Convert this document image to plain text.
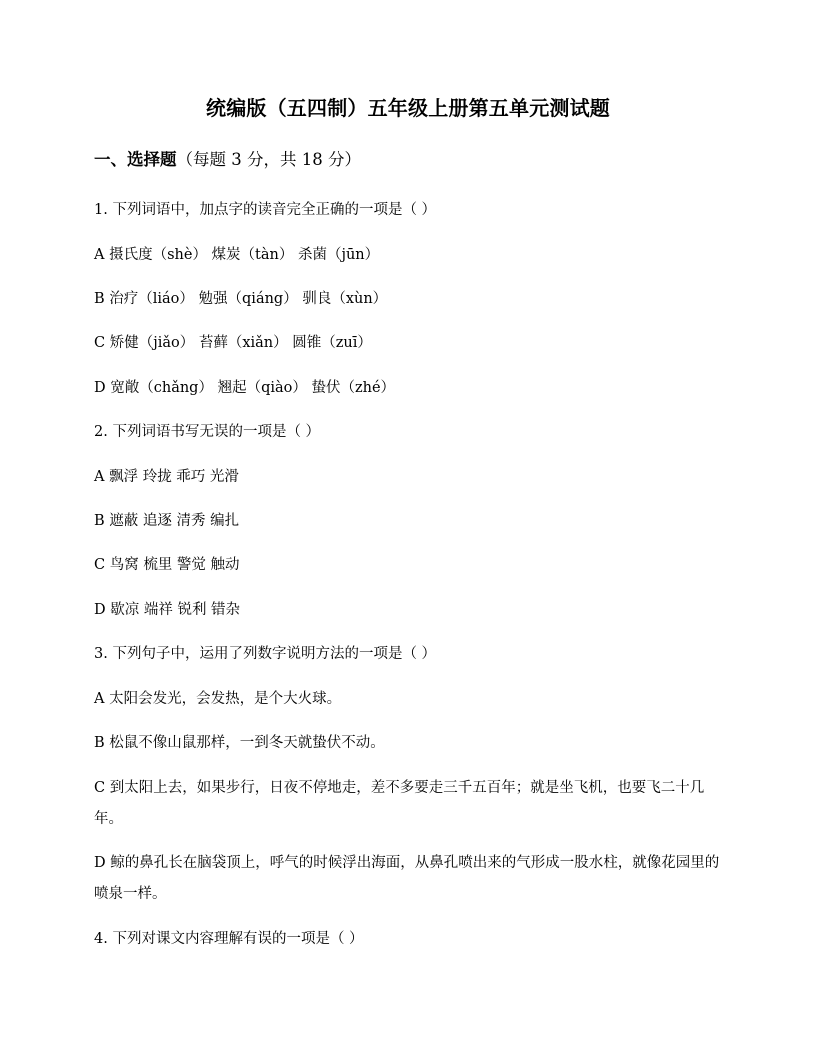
统编版（五四制）五年级上册第五单元测试题
一、选择题（每题 3 分，共 18 分）
1. 下列词语中，加点字的读音完全正确的一项是（ ）
A 摄氏度（shè） 煤炭（tàn） 杀菌（jūn）
B 治疗（liáo） 勉强（qiáng） 驯良（xùn）
C 矫健（jiǎo） 苔藓（xiǎn） 圆锥（zuī）
D 宽敞（chǎng） 翘起（qiào） 蛰伏（zhé）
2. 下列词语书写无误的一项是（ ）
A 飘浮 玲拢 乖巧 光滑
B 遮蔽 追逐 清秀 编扎
C 鸟窝 梳里 警觉 触动
D 歇凉 端祥 锐利 错杂
3. 下列句子中，运用了列数字说明方法的一项是（ ）
A 太阳会发光，会发热，是个大火球。
B 松鼠不像山鼠那样，一到冬天就蛰伏不动。
C 到太阳上去，如果步行，日夜不停地走，差不多要走三千五百年；就是坐飞机，也要飞二十几年。
D 鲸的鼻孔长在脑袋顶上，呼气的时候浮出海面，从鼻孔喷出来的气形成一股水柱，就像花园里的喷泉一样。
4. 下列对课文内容理解有误的一项是（ ）
